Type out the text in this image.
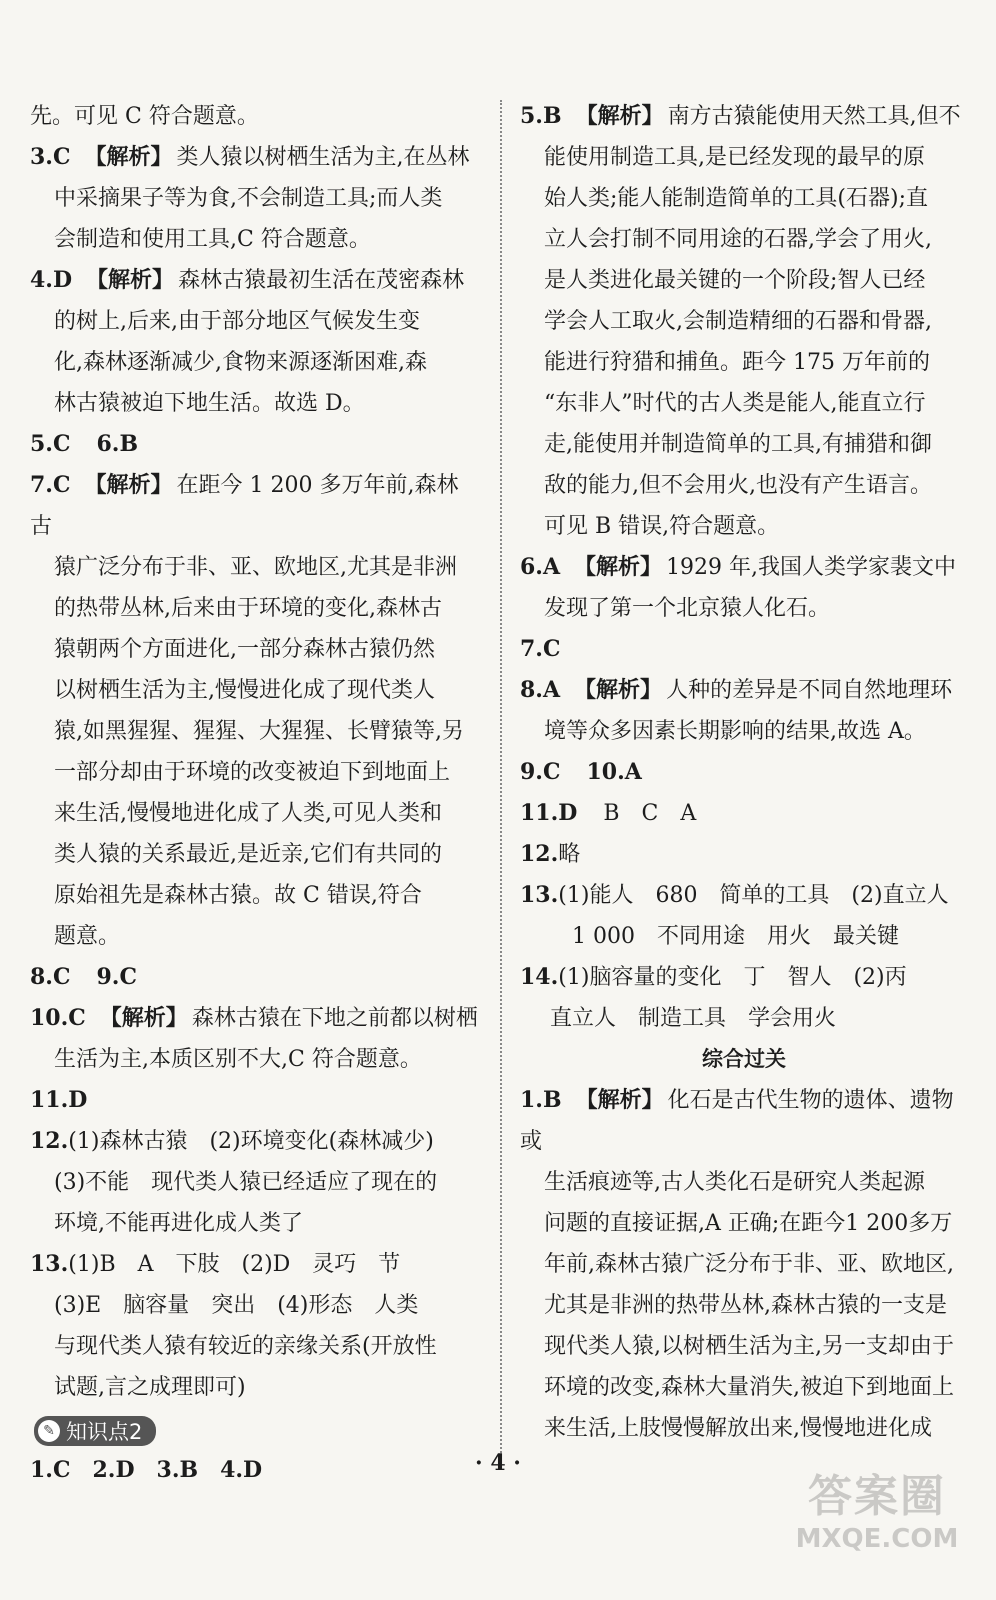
先。可见 C 符合题意。
3.C 【解析】 类人猿以树栖生活为主,在丛林
中采摘果子等为食,不会制造工具;而人类
会制造和使用工具,C 符合题意。
4.D 【解析】 森林古猿最初生活在茂密森林
的树上,后来,由于部分地区气候发生变
化,森林逐渐减少,食物来源逐渐困难,森
林古猿被迫下地生活。故选 D。
5.C 6.B
7.C 【解析】 在距今 1 200 多万年前,森林古
猿广泛分布于非、亚、欧地区,尤其是非洲
的热带丛林,后来由于环境的变化,森林古
猿朝两个方面进化,一部分森林古猿仍然
以树栖生活为主,慢慢进化成了现代类人
猿,如黑猩猩、猩猩、大猩猩、长臂猿等,另
一部分却由于环境的改变被迫下到地面上
来生活,慢慢地进化成了人类,可见人类和
类人猿的关系最近,是近亲,它们有共同的
原始祖先是森林古猿。故 C 错误,符合
题意。
8.C 9.C
10.C 【解析】 森林古猿在下地之前都以树栖
生活为主,本质区别不大,C 符合题意。
11.D
12.(1)森林古猿　(2)环境变化(森林减少)
(3)不能　现代类人猿已经适应了现在的
环境,不能再进化成人类了
13.(1)B　A　下肢　(2)D　灵巧　节
(3)E　脑容量　突出　(4)形态　人类
与现代类人猿有较近的亲缘关系(开放性
试题,言之成理即可)
✎ 知识点2
1.C　2.D　3.B　4.D
5.B 【解析】 南方古猿能使用天然工具,但不
能使用制造工具,是已经发现的最早的原
始人类;能人能制造简单的工具(石器);直
立人会打制不同用途的石器,学会了用火,
是人类进化最关键的一个阶段;智人已经
学会人工取火,会制造精细的石器和骨器,
能进行狩猎和捕鱼。距今 175 万年前的
“东非人”时代的古人类是能人,能直立行
走,能使用并制造简单的工具,有捕猎和御
敌的能力,但不会用火,也没有产生语言。
可见 B 错误,符合题意。
6.A 【解析】 1929 年,我国人类学家裴文中
发现了第一个北京猿人化石。
7.C
8.A 【解析】 人种的差异是不同自然地理环
境等众多因素长期影响的结果,故选 A。
9.C 10.A
11.D B　C　A
12.略
13.(1)能人　680　简单的工具　(2)直立人
1 000　不同用途　用火　最关键
14.(1)脑容量的变化　丁　智人　(2)丙
直立人　制造工具　学会用火
综合过关
1.B 【解析】 化石是古代生物的遗体、遗物或
生活痕迹等,古人类化石是研究人类起源
问题的直接证据,A 正确;在距今1 200多万
年前,森林古猿广泛分布于非、亚、欧地区,
尤其是非洲的热带丛林,森林古猿的一支是
现代类人猿,以树栖生活为主,另一支却由于
环境的改变,森林大量消失,被迫下到地面上
来生活,上肢慢慢解放出来,慢慢地进化成
· 4 ·
答案圈
MXQE.COM
